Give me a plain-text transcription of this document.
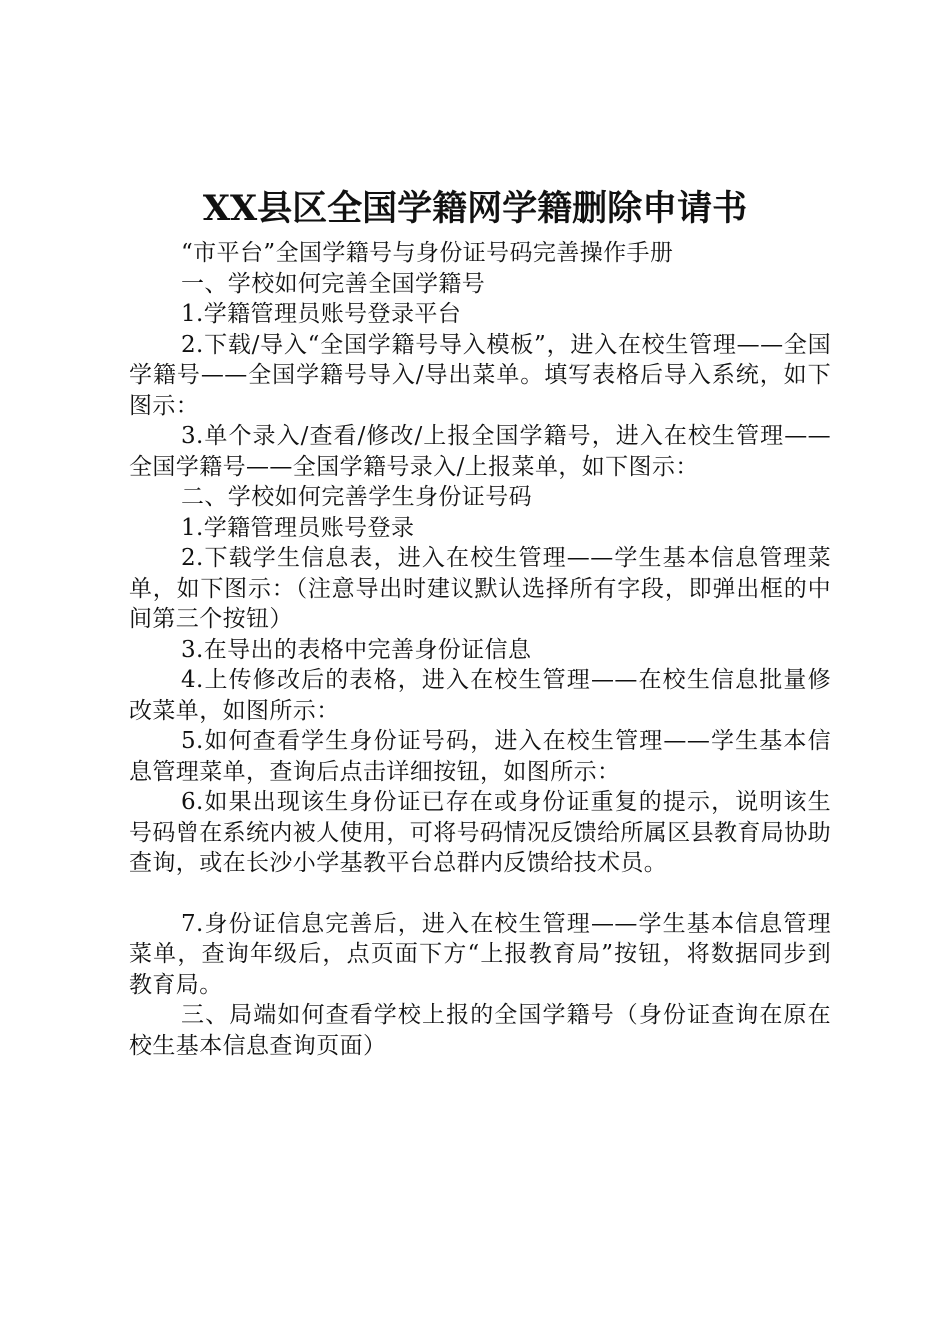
XX县区全国学籍网学籍删除申请书

“市平台”全国学籍号与身份证号码完善操作手册

一、学校如何完善全国学籍号

1.学籍管理员账号登录平台

2.下载/导入“全国学籍号导入模板”，进入在校生管理——全国学籍号——全国学籍号导入/导出菜单。填写表格后导入系统，如下图示：

3.单个录入/查看/修改/上报全国学籍号，进入在校生管理——全国学籍号——全国学籍号录入/上报菜单，如下图示：

二、学校如何完善学生身份证号码

1.学籍管理员账号登录

2.下载学生信息表，进入在校生管理——学生基本信息管理菜单，如下图示：（注意导出时建议默认选择所有字段，即弹出框的中间第三个按钮）

3.在导出的表格中完善身份证信息

4.上传修改后的表格，进入在校生管理——在校生信息批量修改菜单，如图所示：

5.如何查看学生身份证号码，进入在校生管理——学生基本信息管理菜单，查询后点击详细按钮，如图所示：

6.如果出现该生身份证已存在或身份证重复的提示，说明该生号码曾在系统内被人使用，可将号码情况反馈给所属区县教育局协助查询，或在长沙小学基教平台总群内反馈给技术员。

7.身份证信息完善后，进入在校生管理——学生基本信息管理菜单，查询年级后，点页面下方“上报教育局”按钮，将数据同步到教育局。

三、局端如何查看学校上报的全国学籍号（身份证查询在原在校生基本信息查询页面）
